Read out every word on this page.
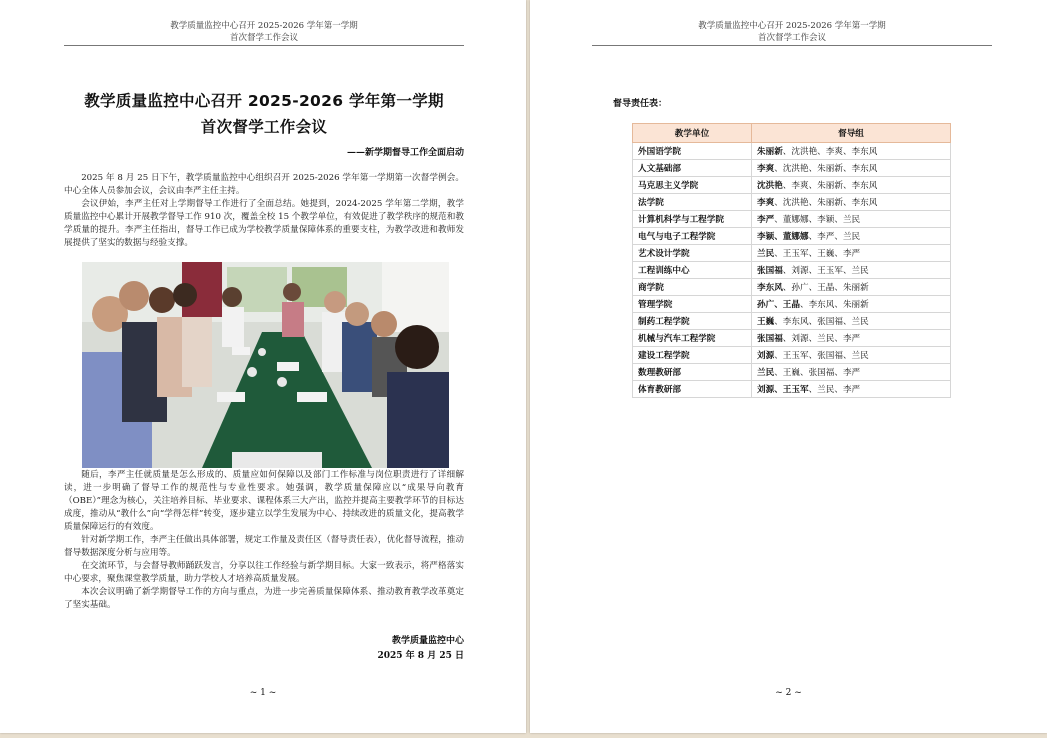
教学质量监控中心召开 2025-2026 学年第一学期
首次督学工作会议
教学质量监控中心召开 2025-2026 学年第一学期
首次督学工作会议
——新学期督导工作全面启动

2025 年 8 月 25 日下午，教学质量监控中心组织召开 2025-2026 学年第一学期第一次督学例会。中心全体人员参加会议，会议由李严主任主持。

会议伊始，李严主任对上学期督导工作进行了全面总结。她提到，2024-2025 学年第二学期，教学质量监控中心累计开展教学督导工作 910 次，覆盖全校 15 个教学单位，有效促进了教学秩序的规范和教学质量的提升。李严主任指出，督导工作已成为学校教学质量保障体系的重要支柱，为教学改进和教师发展提供了坚实的数据与经验支撑。

随后，李严主任就质量是怎么形成的、质量应如何保障以及部门工作标准与岗位职责进行了详细解读，进一步明确了督导工作的规范性与专业性要求。她强调，教学质量保障应以“成果导向教育（OBE）”理念为核心，关注培养目标、毕业要求、课程体系三大产出，监控并提高主要教学环节的目标达成度，推动从“教什么”向“学得怎样”转变，逐步建立以学生发展为中心、持续改进的质量文化，提高教学质量保障运行的有效度。

针对新学期工作，李严主任做出具体部署，规定工作量及责任区（督导责任表），优化督导流程，推动督导数据深度分析与应用等。

在交流环节，与会督导教师踊跃发言，分享以往工作经验与新学期目标。大家一致表示，将严格落实中心要求，聚焦课堂教学质量，助力学校人才培养高质量发展。

本次会议明确了新学期督导工作的方向与重点，为进一步完善质量保障体系、推动教育教学改革奠定了坚实基础。

教学质量监控中心
2025 年 8 月 25 日
~ 1 ~
教学质量监控中心召开 2025-2026 学年第一学期
首次督学工作会议
督导责任表：
教学单位	督导组
外国语学院	朱丽新、沈洪艳、李爽、李东风
人文基础部	李爽、沈洪艳、朱丽新、李东风
马克思主义学院	沈洪艳、李爽、朱丽新、李东风
法学院	李爽、沈洪艳、朱丽新、李东风
计算机科学与工程学院	李严、董娜娜、李颖、兰民
电气与电子工程学院	李颖、董娜娜、李严、兰民
艺术设计学院	兰民、王玉军、王巍、李严
工程训练中心	张国福、刘源、王玉军、兰民
商学院	李东风、孙广、王晶、朱丽新
管理学院	孙广、王晶、李东风、朱丽新
制药工程学院	王巍、李东风、张国福、兰民
机械与汽车工程学院	张国福、刘源、兰民、李严
建设工程学院	刘源、王玉军、张国福、兰民
数理教研部	兰民、王巍、张国福、李严
体育教研部	刘源、王玉军、兰民、李严
~ 2 ~
